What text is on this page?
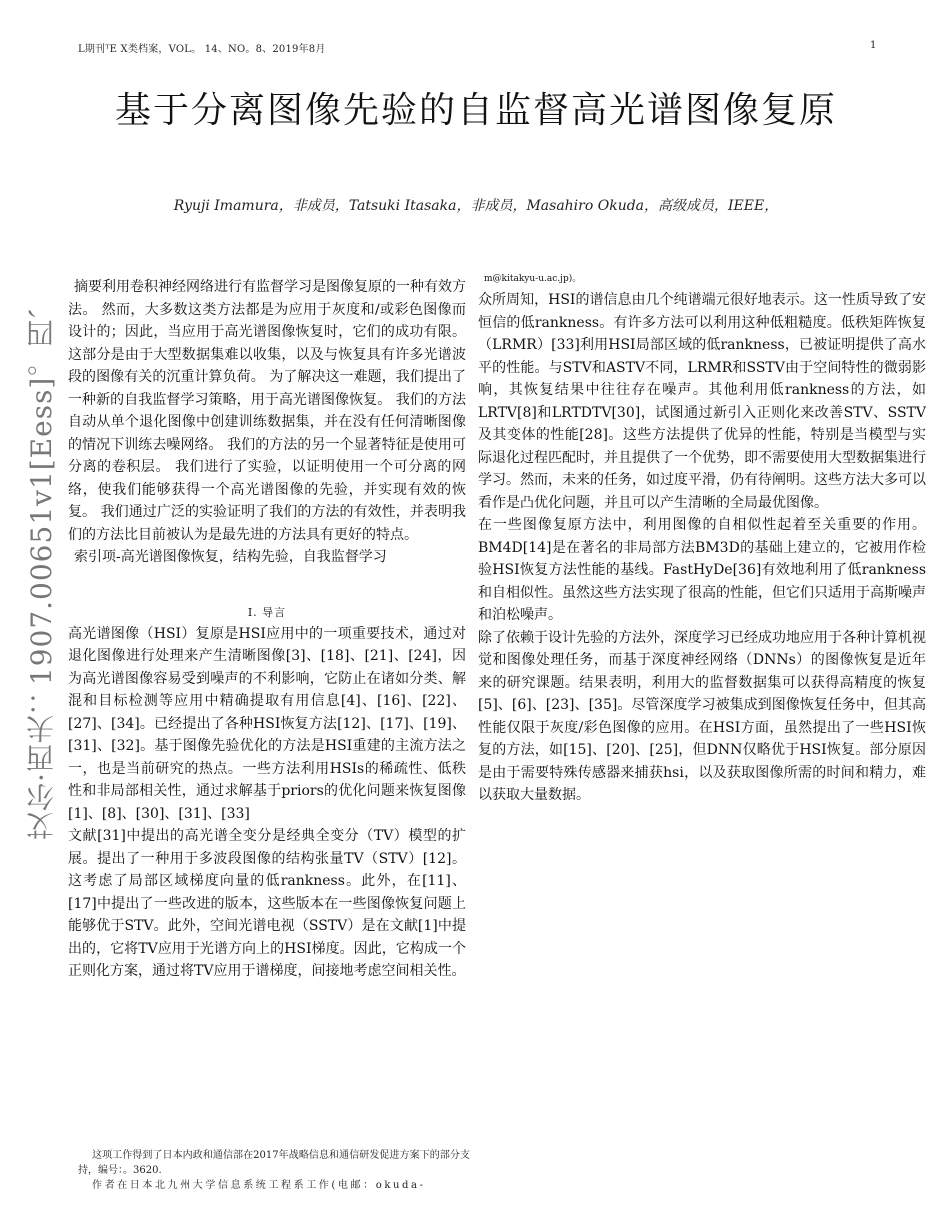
L期刊ᵀE X类档案，VOL。 14、NO。8、2019年8月	1
基于分离图像先验的自监督高光谱图像复原
Ryuji Imamura，非成员，Tatsuki Itasaka，非成员，Masahiro Okuda，高级成员，IEEE，
艾尔·西夫：1907.00651v1[Eess]。四、

摘要利用卷积神经网络进行有监督学习是图像复原的一种有效方法。 然而，大多数这类方法都是为应用于灰度和/或彩色图像而设计的；因此，当应用于高光谱图像恢复时，它们的成功有限。 这部分是由于大型数据集难以收集，以及与恢复具有许多光谱波段的图像有关的沉重计算负荷。 为了解决这一难题，我们提出了一种新的自我监督学习策略，用于高光谱图像恢复。 我们的方法自动从单个退化图像中创建训练数据集，并在没有任何清晰图像的情况下训练去噪网络。 我们的方法的另一个显著特征是使用可分离的卷积层。 我们进行了实验，以证明使用一个可分离的网络，使我们能够获得一个高光谱图像的先验，并实现有效的恢复。 我们通过广泛的实验证明了我们的方法的有效性，并表明我们的方法比目前被认为是最先进的方法具有更好的特点。

索引项-高光谱图像恢复，结构先验，自我监督学习

I. 导言

高光谱图像（HSI）复原是HSI应用中的一项重要技术，通过对退化图像进行处理来产生清晰图像[3]、[18]、[21]、[24]，因为高光谱图像容易受到噪声的不利影响，它防止在诸如分类、解混和目标检测等应用中精确提取有用信息[4]、[16]、[22]、[27]、[34]。已经提出了各种HSI恢复方法[12]、[17]、[19]、[31]、[32]。基于图像先验优化的方法是HSI重建的主流方法之一，也是当前研究的热点。一些方法利用HSIs的稀疏性、低秩性和非局部相关性，通过求解基于priors的优化问题来恢复图像[1]、[8]、[30]、[31]、[33]

文献[31]中提出的高光谱全变分是经典全变分（TV）模型的扩展。提出了一种用于多波段图像的结构张量TV（STV）[12]。这考虑了局部区域梯度向量的低rankness。此外，在[11]、[17]中提出了一些改进的版本，这些版本在一些图像恢复问题上能够优于STV。此外，空间光谱电视（SSTV）是在文献[1]中提出的，它将TV应用于光谱方向上的HSI梯度。因此，它构成一个正则化方案，通过将TV应用于谱梯度，间接地考虑空间相关性。

m@kitakyu-u.ac.jp)。

众所周知，HSI的谱信息由几个纯谱端元很好地表示。这一性质导致了安恒信的低rankness。有许多方法可以利用这种低粗糙度。低秩矩阵恢复（LRMR）[33]利用HSI局部区域的低rankness，已被证明提供了高水平的性能。与STV和ASTV不同，LRMR和SSTV由于空间特性的微弱影响，其恢复结果中往往存在噪声。其他利用低rankness的方法，如LRTV[8]和LRTDTV[30]，试图通过新引入正则化来改善STV、SSTV及其变体的性能[28]。这些方法提供了优异的性能，特别是当模型与实际退化过程匹配时，并且提供了一个优势，即不需要使用大型数据集进行学习。然而，未来的任务，如过度平滑，仍有待阐明。这些方法大多可以看作是凸优化问题，并且可以产生清晰的全局最优图像。

在一些图像复原方法中，利用图像的自相似性起着至关重要的作用。BM4D[14]是在著名的非局部方法BM3D的基础上建立的，它被用作检验HSI恢复方法性能的基线。FastHyDe[36]有效地利用了低rankness和自相似性。虽然这些方法实现了很高的性能，但它们只适用于高斯噪声和泊松噪声。

除了依赖于设计先验的方法外，深度学习已经成功地应用于各种计算机视觉和图像处理任务，而基于深度神经网络（DNNs）的图像恢复是近年来的研究课题。结果表明，利用大的监督数据集可以获得高精度的恢复[5]、[6]、[23]、[35]。尽管深度学习被集成到图像恢复任务中，但其高性能仅限于灰度/彩色图像的应用。在HSI方面，虽然提出了一些HSI恢复的方法，如[15]、[20]、[25]，但DNN仅略优于HSI恢复。部分原因是由于需要特殊传感器来捕获hsi，以及获取图像所需的时间和精力，难以获取大量数据。

这项工作得到了日本内政和通信部在2017年战略信息和通信研发促进方案下的部分支持，编号：。3620.

作者在日本北九州大学信息系统工程系工作(电邮：okuda-
